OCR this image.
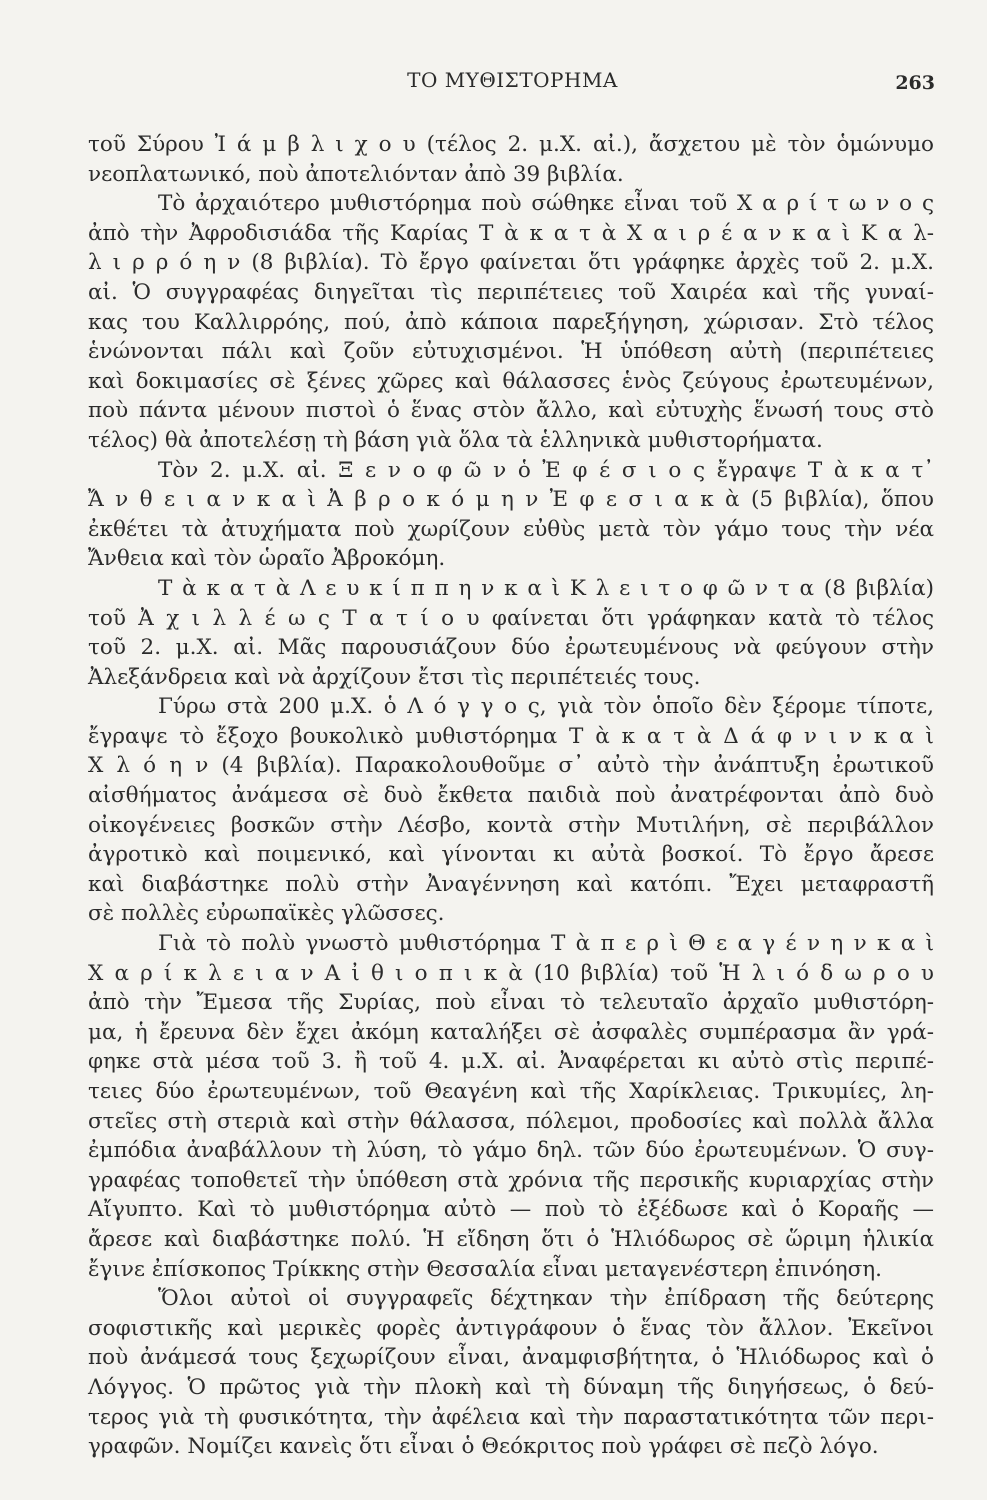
ΤΟ ΜΥΘΙΣΤΟΡΗΜΑ	263
τοῦ Σύρου Ἰ ά μ β λ ι χ ο υ (τέλος 2. μ.Χ. αἰ.), ἄσχετου μὲ τὸν ὁμώνυμο
νεοπλατωνικό, ποὺ ἀποτελιόνταν ἀπὸ 39 βιβλία.
Τὸ ἀρχαιότερο μυθιστόρημα ποὺ σώθηκε εἶναι τοῦ Χ α ρ ί τ ω ν ο ς
ἀπὸ τὴν Ἀφροδισιάδα τῆς Καρίας Τ ὰ κ α τ ὰ Χ α ι ρ έ α ν κ α ὶ Κ α λ-
λ ι ρ ρ ό η ν (8 βιβλία). Τὸ ἔργο φαίνεται ὅτι γράφηκε ἀρχὲς τοῦ 2. μ.Χ.
αἰ. Ὁ συγγραφέας διηγεῖται τὶς περιπέτειες τοῦ Χαιρέα καὶ τῆς γυναί-
κας του Καλλιρρόης, πού, ἀπὸ κάποια παρεξήγηση, χώρισαν. Στὸ τέλος
ἑνώνονται πάλι καὶ ζοῦν εὐτυχισμένοι. Ἡ ὑπόθεση αὐτὴ (περιπέτειες
καὶ δοκιμασίες σὲ ξένες χῶρες καὶ θάλασσες ἑνὸς ζεύγους ἐρωτευμένων,
ποὺ πάντα μένουν πιστοὶ ὁ ἕνας στὸν ἄλλο, καὶ εὐτυχὴς ἕνωσή τους στὸ
τέλος) θὰ ἀποτελέσῃ τὴ βάση γιὰ ὅλα τὰ ἑλληνικὰ μυθιστορήματα.
Τὸν 2. μ.Χ. αἰ. Ξ ε ν ο φ ῶ ν ὁ Ἐ φ έ σ ι ο ς ἔγραψε Τ ὰ κ α τ᾽
Ἄ ν θ ε ι α ν κ α ὶ Ἀ β ρ ο κ ό μ η ν Ἐ φ ε σ ι α κ ὰ (5 βιβλία), ὅπου
ἐκθέτει τὰ ἀτυχήματα ποὺ χωρίζουν εὐθὺς μετὰ τὸν γάμο τους τὴν νέα
Ἄνθεια καὶ τὸν ὡραῖο Ἀβροκόμη.
Τ ὰ κ α τ ὰ Λ ε υ κ ί π π η ν κ α ὶ Κ λ ε ι τ ο φ ῶ ν τ α (8 βιβλία)
τοῦ Ἀ χ ι λ λ έ ω ς Τ α τ ί ο υ φαίνεται ὅτι γράφηκαν κατὰ τὸ τέλος
τοῦ 2. μ.Χ. αἰ. Μᾶς παρουσιάζουν δύο ἐρωτευμένους νὰ φεύγουν στὴν
Ἀλεξάνδρεια καὶ νὰ ἀρχίζουν ἔτσι τὶς περιπέτειές τους.
Γύρω στὰ 200 μ.Χ. ὁ Λ ό γ γ ο ς, γιὰ τὸν ὁποῖο δὲν ξέρομε τίποτε,
ἔγραψε τὸ ἔξοχο βουκολικὸ μυθιστόρημα Τ ὰ κ α τ ὰ Δ ά φ ν ι ν κ α ὶ
Χ λ ό η ν (4 βιβλία). Παρακολουθοῦμε σ᾽ αὐτὸ τὴν ἀνάπτυξη ἐρωτικοῦ
αἰσθήματος ἀνάμεσα σὲ δυὸ ἔκθετα παιδιὰ ποὺ ἀνατρέφονται ἀπὸ δυὸ
οἰκογένειες βοσκῶν στὴν Λέσβο, κοντὰ στὴν Μυτιλήνη, σὲ περιβάλλον
ἀγροτικὸ καὶ ποιμενικό, καὶ γίνονται κι αὐτὰ βοσκοί. Τὸ ἔργο ἄρεσε
καὶ διαβάστηκε πολὺ στὴν Ἀναγέννηση καὶ κατόπι. Ἔχει μεταφραστῆ
σὲ πολλὲς εὐρωπαϊκὲς γλῶσσες.
Γιὰ τὸ πολὺ γνωστὸ μυθιστόρημα Τ ὰ π ε ρ ὶ Θ ε α γ έ ν η ν κ α ὶ
Χ α ρ ί κ λ ε ι α ν Α ἰ θ ι ο π ι κ ὰ (10 βιβλία) τοῦ Ἡ λ ι ό δ ω ρ ο υ
ἀπὸ τὴν Ἔμεσα τῆς Συρίας, ποὺ εἶναι τὸ τελευταῖο ἀρχαῖο μυθιστόρη-
μα, ἡ ἔρευνα δὲν ἔχει ἀκόμη καταλήξει σὲ ἀσφαλὲς συμπέρασμα ἂν γρά-
φηκε στὰ μέσα τοῦ 3. ἢ τοῦ 4. μ.Χ. αἰ. Ἀναφέρεται κι αὐτὸ στὶς περιπέ-
τειες δύο ἐρωτευμένων, τοῦ Θεαγένη καὶ τῆς Χαρίκλειας. Τρικυμίες, λη-
στεῖες στὴ στεριὰ καὶ στὴν θάλασσα, πόλεμοι, προδοσίες καὶ πολλὰ ἄλλα
ἐμπόδια ἀναβάλλουν τὴ λύση, τὸ γάμο δηλ. τῶν δύο ἐρωτευμένων. Ὁ συγ-
γραφέας τοποθετεῖ τὴν ὑπόθεση στὰ χρόνια τῆς περσικῆς κυριαρχίας στὴν
Αἴγυπτο. Καὶ τὸ μυθιστόρημα αὐτὸ — ποὺ τὸ ἐξέδωσε καὶ ὁ Κοραῆς —
ἄρεσε καὶ διαβάστηκε πολύ. Ἡ εἴδηση ὅτι ὁ Ἡλιόδωρος σὲ ὥριμη ἡλικία
ἔγινε ἐπίσκοπος Τρίκκης στὴν Θεσσαλία εἶναι μεταγενέστερη ἐπινόηση.
Ὅλοι αὐτοὶ οἱ συγγραφεῖς δέχτηκαν τὴν ἐπίδραση τῆς δεύτερης
σοφιστικῆς καὶ μερικὲς φορὲς ἀντιγράφουν ὁ ἕνας τὸν ἄλλον. Ἐκεῖνοι
ποὺ ἀνάμεσά τους ξεχωρίζουν εἶναι, ἀναμφισβήτητα, ὁ Ἡλιόδωρος καὶ ὁ
Λόγγος. Ὁ πρῶτος γιὰ τὴν πλοκὴ καὶ τὴ δύναμη τῆς διηγήσεως, ὁ δεύ-
τερος γιὰ τὴ φυσικότητα, τὴν ἀφέλεια καὶ τὴν παραστατικότητα τῶν περι-
γραφῶν. Νομίζει κανεὶς ὅτι εἶναι ὁ Θεόκριτος ποὺ γράφει σὲ πεζὸ λόγο.
